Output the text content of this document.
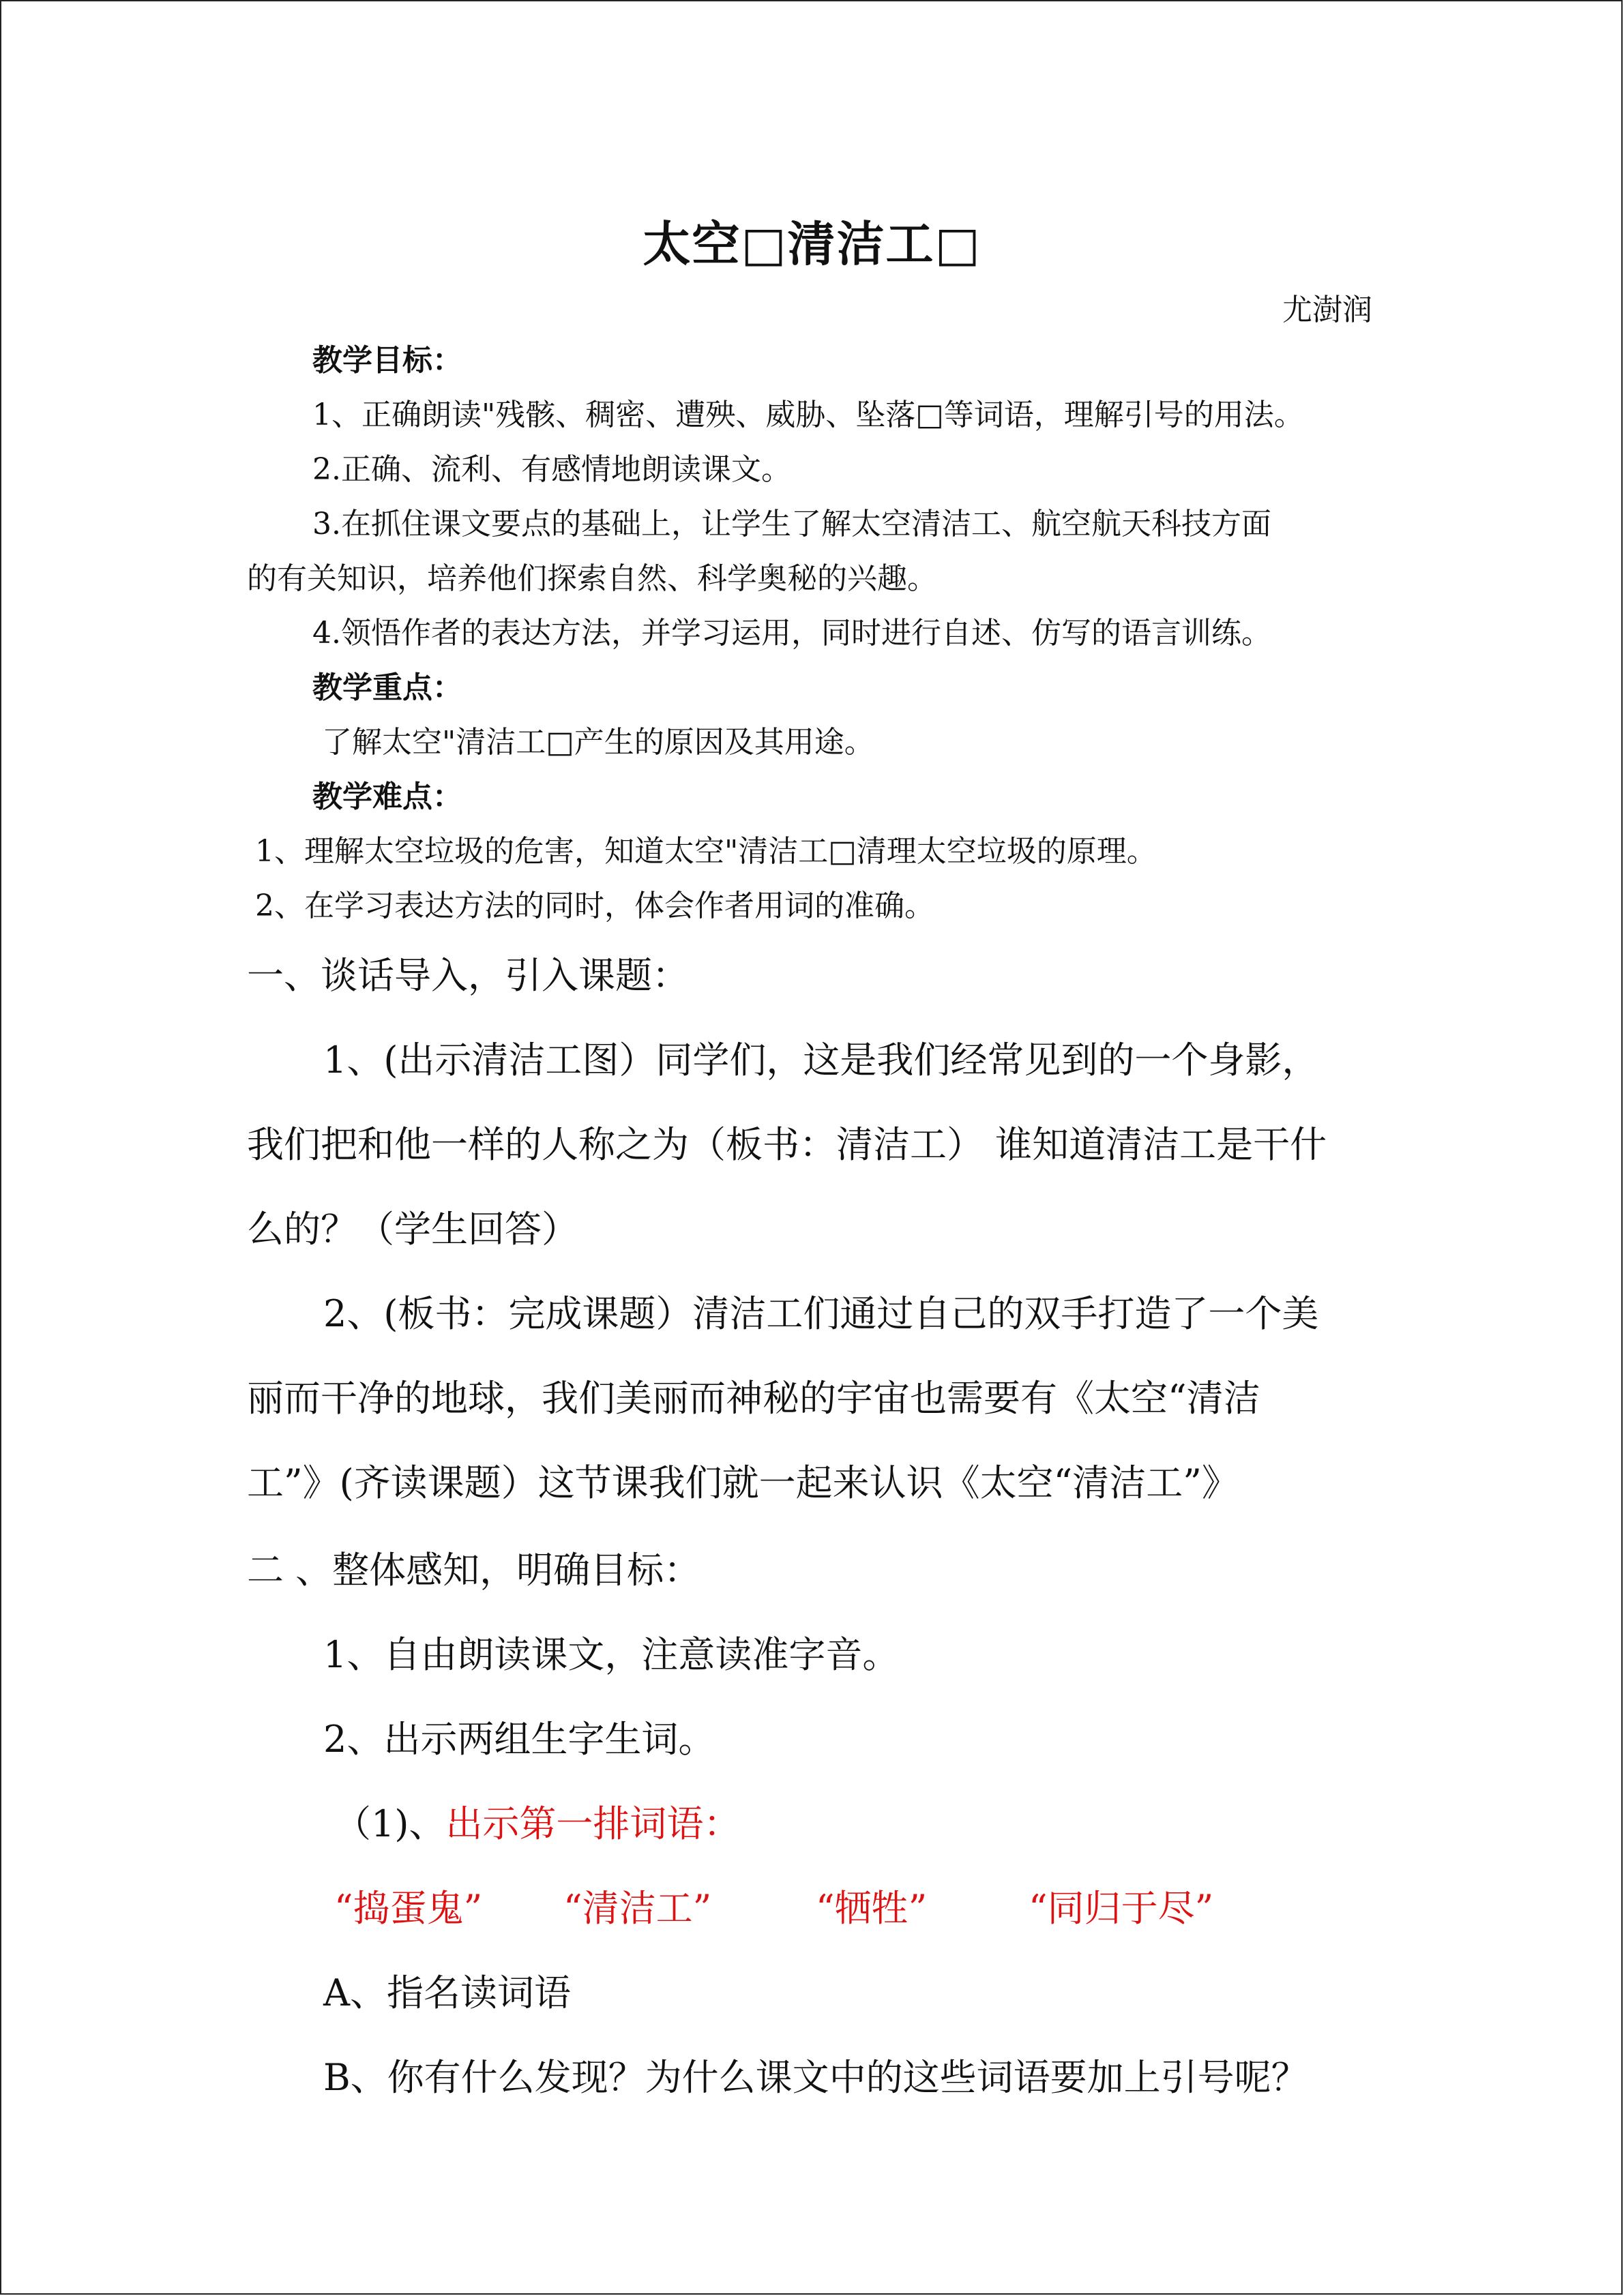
太空□清洁工□
尤澍润
教学目标：
1、正确朗读"残骸、稠密、遭殃、威胁、坠落□等词语，理解引号的用法。
2.正确、流利、有感情地朗读课文。
3.在抓住课文要点的基础上，让学生了解太空清洁工、航空航天科技方面
的有关知识，培养他们探索自然、科学奥秘的兴趣。
4.领悟作者的表达方法，并学习运用，同时进行自述、仿写的语言训练。
教学重点：
了解太空"清洁工□产生的原因及其用途。
教学难点：
1、理解太空垃圾的危害，知道太空"清洁工□清理太空垃圾的原理。
2、在学习表达方法的同时，体会作者用词的准确。
一、谈话导入，引入课题：
1、(出示清洁工图）同学们，这是我们经常见到的一个身影，
我们把和他一样的人称之为（板书：清洁工） 谁知道清洁工是干什
么的？（学生回答）
2、(板书：完成课题）清洁工们通过自己的双手打造了一个美
丽而干净的地球，我们美丽而神秘的宇宙也需要有《太空“清洁
工”》(齐读课题）这节课我们就一起来认识《太空“清洁工”》
二 、整体感知，明确目标：
1、自由朗读课文，注意读准字音。
2、出示两组生字生词。
（1)、出示第一排词语：
“捣蛋鬼” “清洁工”	“牺牲”	“同归于尽”
A、指名读词语
B、你有什么发现？为什么课文中的这些词语要加上引号呢？
